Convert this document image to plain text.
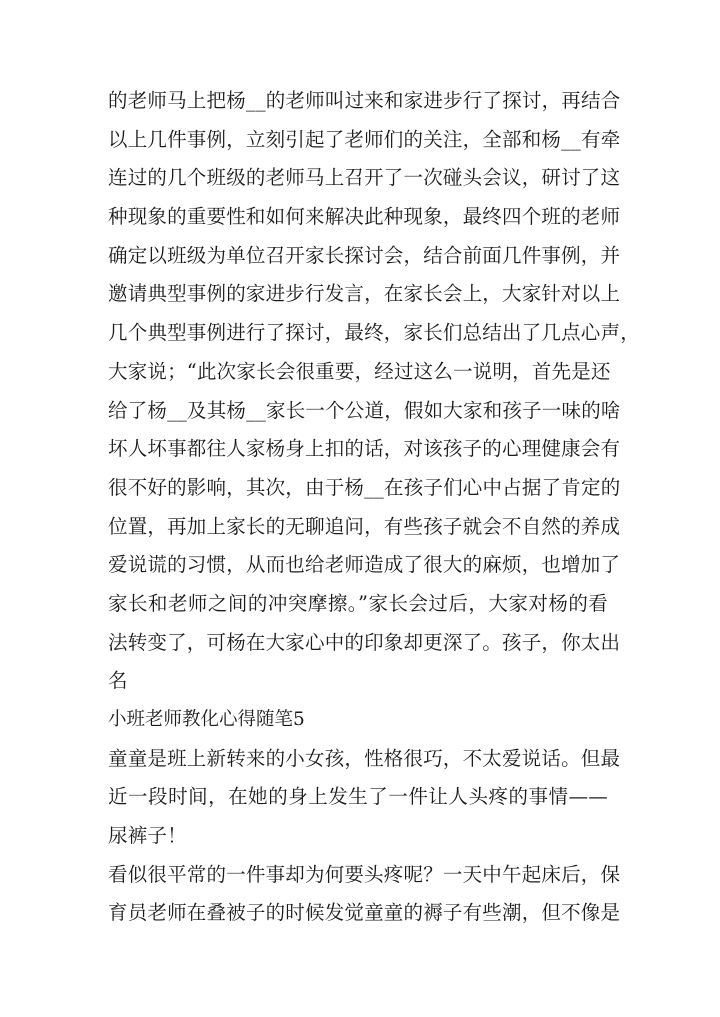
的老师马上把杨__的老师叫过来和家进步行了探讨，再结合
以上几件事例，立刻引起了老师们的关注，全部和杨__有牵
连过的几个班级的老师马上召开了一次碰头会议，研讨了这
种现象的重要性和如何来解决此种现象，最终四个班的老师
确定以班级为单位召开家长探讨会，结合前面几件事例，并
邀请典型事例的家进步行发言，在家长会上，大家针对以上
几个典型事例进行了探讨，最终，家长们总结出了几点心声，
大家说；“此次家长会很重要，经过这么一说明，首先是还
给了杨__及其杨__家长一个公道，假如大家和孩子一味的啥
坏人坏事都往人家杨身上扣的话，对该孩子的心理健康会有
很不好的影响，其次，由于杨__在孩子们心中占据了肯定的
位置，再加上家长的无聊追问，有些孩子就会不自然的养成
爱说谎的习惯，从而也给老师造成了很大的麻烦，也增加了
家长和老师之间的冲突摩擦。”家长会过后，大家对杨的看
法转变了，可杨在大家心中的印象却更深了。孩子，你太出
名
小班老师教化心得随笔5
童童是班上新转来的小女孩，性格很巧，不太爱说话。但最
近一段时间，在她的身上发生了一件让人头疼的事情——
尿裤子！
看似很平常的一件事却为何要头疼呢？一天中午起床后，保
育员老师在叠被子的时候发觉童童的褥子有些潮，但不像是
